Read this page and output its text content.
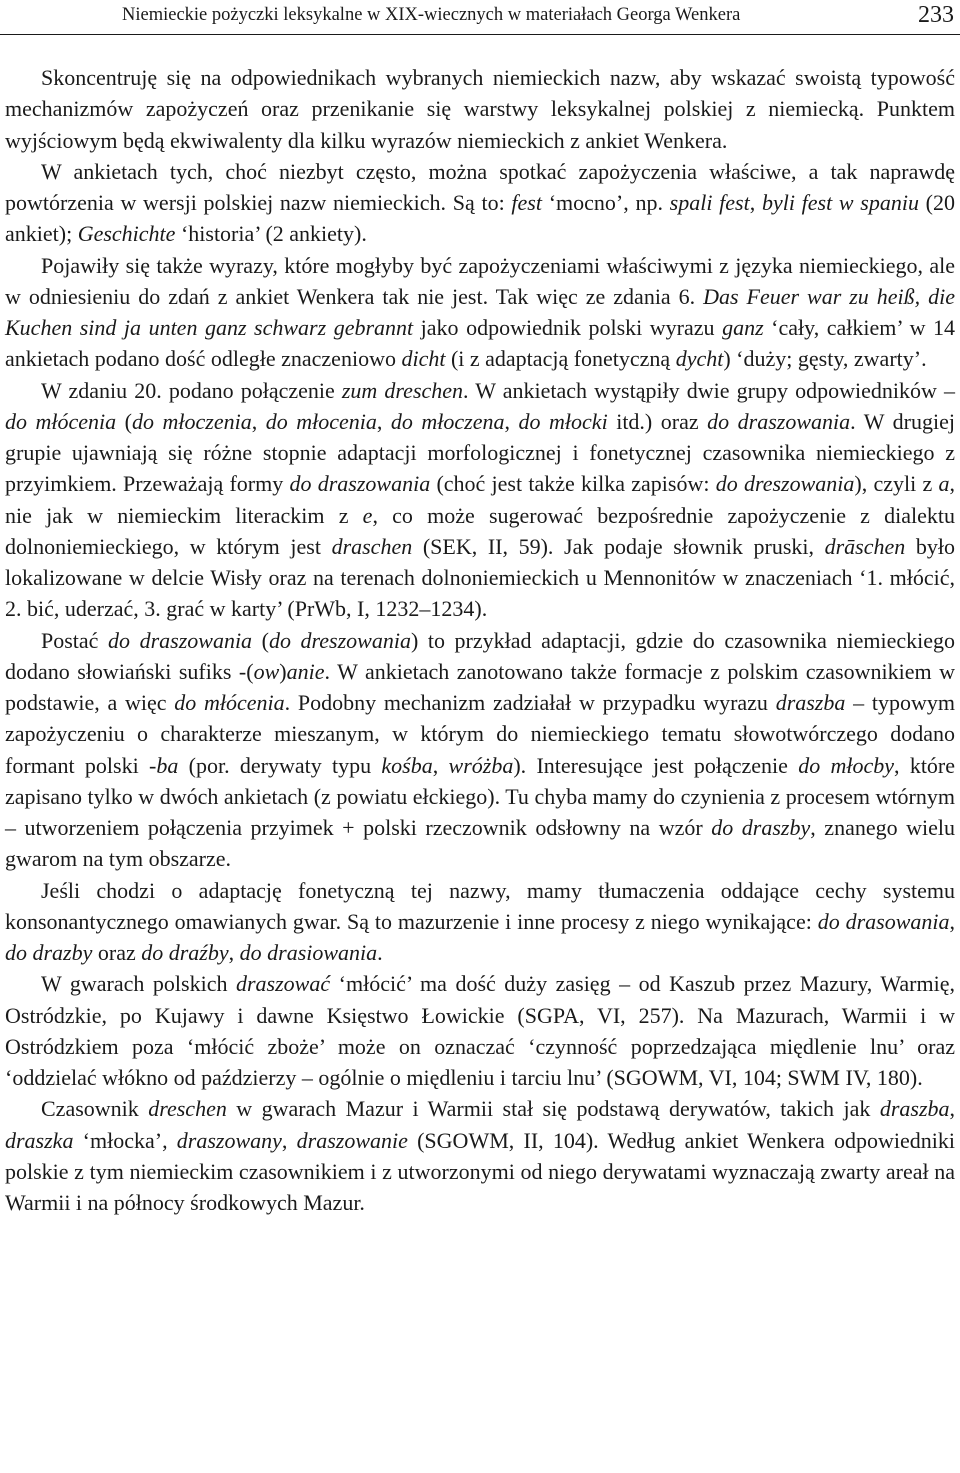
Niemieckie pożyczki leksykalne w XIX-wiecznych w materiałach Georga Wenkera	233

Skoncentruję się na odpowiednikach wybranych niemieckich nazw, aby wskazać swoistą typowość mechanizmów zapożyczeń oraz przenikanie się warstwy leksykalnej polskiej z niemiecką. Punktem wyjściowym będą ekwiwalenty dla kilku wyrazów niemieckich z ankiet Wenkera.

W ankietach tych, choć niezbyt często, można spotkać zapożyczenia właściwe, a tak naprawdę powtórzenia w wersji polskiej nazw niemieckich. Są to: fest ‘mocno’, np. spali fest, byli fest w spaniu (20 ankiet); Geschichte ‘historia’ (2 ankiety).

Pojawiły się także wyrazy, które mogłyby być zapożyczeniami właściwymi z języka niemieckiego, ale w odniesieniu do zdań z ankiet Wenkera tak nie jest. Tak więc ze zdania 6. Das Feuer war zu heiß, die Kuchen sind ja unten ganz schwarz gebrannt jako odpowiednik polski wyrazu ganz ‘cały, całkiem’ w 14 ankietach podano dość odległe znaczeniowo dicht (i z adaptacją fonetyczną dycht) ‘duży; gęsty, zwarty’.

W zdaniu 20. podano połączenie zum dreschen. W ankietach wystąpiły dwie grupy odpowiedników – do młócenia (do młoczenia, do młocenia, do młoczena, do młocki itd.) oraz do draszowania. W drugiej grupie ujawniają się różne stopnie adaptacji morfologicznej i fonetycznej czasownika niemieckiego z przyimkiem. Przeważają formy do draszowania (choć jest także kilka zapisów: do dreszowania), czyli z a, nie jak w niemieckim literackim z e, co może sugerować bezpośrednie zapożyczenie z dialektu dolnoniemieckiego, w którym jest draschen (SEK, II, 59). Jak podaje słownik pruski, drāschen było lokalizowane w delcie Wisły oraz na terenach dolnoniemieckich u Mennonitów w znaczeniach ‘1. młócić, 2. bić, uderzać, 3. grać w karty’ (PrWb, I, 1232–1234).

Postać do draszowania (do dreszowania) to przykład adaptacji, gdzie do czasownika niemieckiego dodano słowiański sufiks -(ow)anie. W ankietach zanotowano także formacje z polskim czasownikiem w podstawie, a więc do młócenia. Podobny mechanizm zadziałał w przypadku wyrazu draszba – typowym zapożyczeniu o charakterze mieszanym, w którym do niemieckiego tematu słowotwórczego dodano formant polski -ba (por. derywaty typu kośba, wróżba). Interesujące jest połączenie do młocby, które zapisano tylko w dwóch ankietach (z powiatu ełckiego). Tu chyba mamy do czynienia z procesem wtórnym – utworzeniem połączenia przyimek + polski rzeczownik odsłowny na wzór do draszby, znanego wielu gwarom na tym obszarze.

Jeśli chodzi o adaptację fonetyczną tej nazwy, mamy tłumaczenia oddające cechy systemu konsonantycznego omawianych gwar. Są to mazurzenie i inne procesy z niego wynikające: do drasowania, do drazby oraz do draźby, do drasiowania.

W gwarach polskich draszować ‘młócić’ ma dość duży zasięg – od Kaszub przez Mazury, Warmię, Ostródzkie, po Kujawy i dawne Księstwo Łowickie (SGPA, VI, 257). Na Mazurach, Warmii i w Ostródzkiem poza ‘młócić zboże’ może on oznaczać ‘czynność poprzedzająca międlenie lnu’ oraz ‘oddzielać włókno od paździerzy – ogólnie o międleniu i tarciu lnu’ (SGOWM, VI, 104; SWM IV, 180).

Czasownik dreschen w gwarach Mazur i Warmii stał się podstawą derywatów, takich jak draszba, draszka ‘młocka’, draszowany, draszowanie (SGOWM, II, 104). Według ankiet Wenkera odpowiedniki polskie z tym niemieckim czasownikiem i z utworzonymi od niego derywatami wyznaczają zwarty areał na Warmii i na północy środkowych Mazur.
